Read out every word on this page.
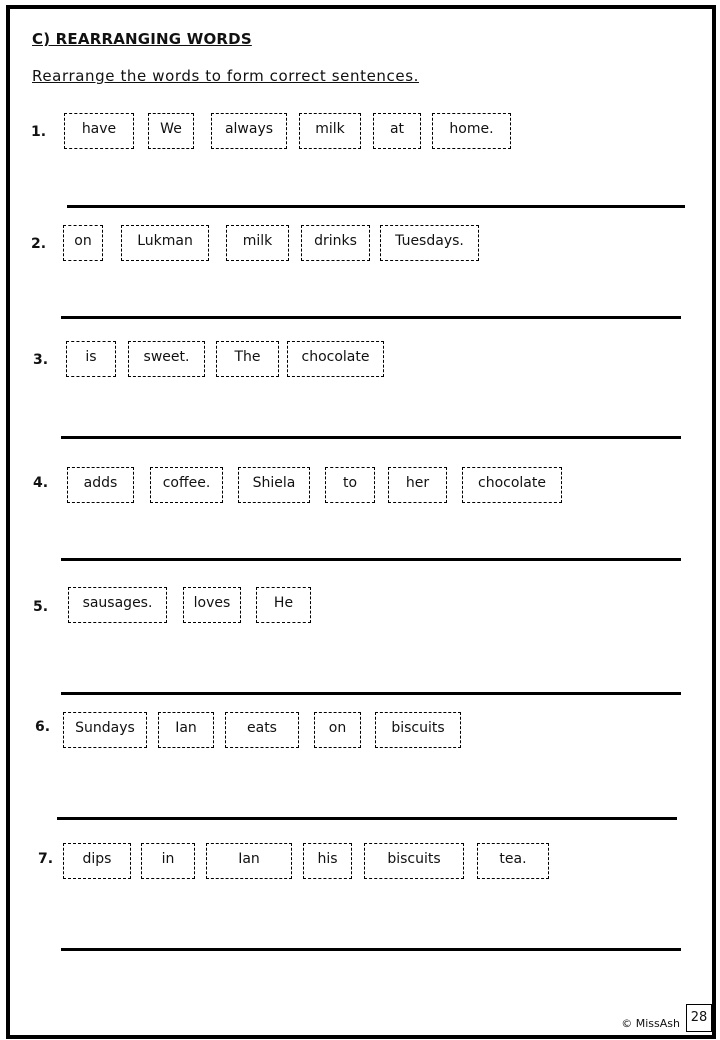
C) REARRANGING WORDS
Rearrange the words to form correct sentences.
1.	have	We	always	milk	at	home.
2.	on	Lukman	milk	drinks	Tuesdays.
3.	is	sweet.	The	chocolate
4.	adds	coffee.	Shiela	to	her	chocolate
5.	sausages.	loves	He
6.	Sundays	Ian	eats	on	biscuits
7.	dips	in	Ian	his	biscuits	tea.
© MissAsh 28
